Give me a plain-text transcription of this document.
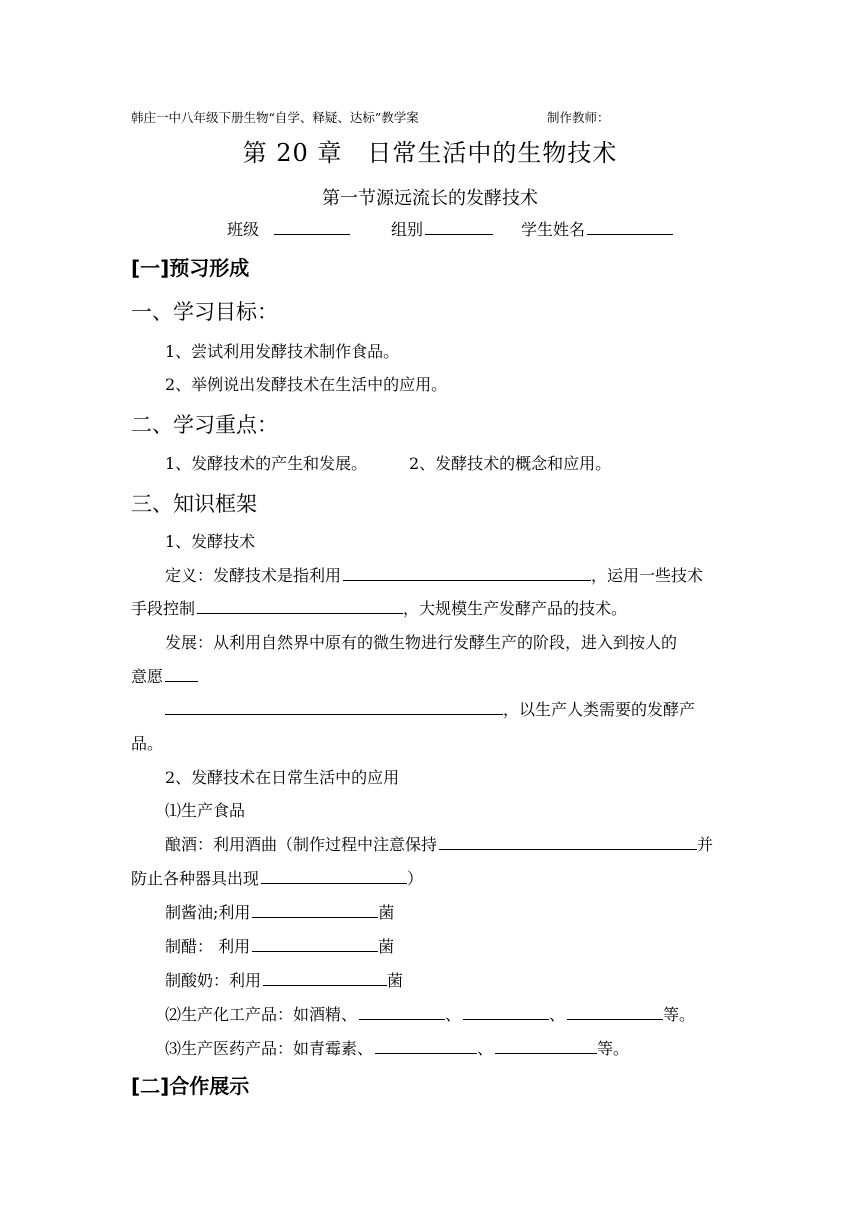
韩庄一中八年级下册生物“自学、释疑、达标”教学案	制作教师：
第 20 章　日常生活中的生物技术
第一节源远流长的发酵技术
班级	组别	学生姓名
[一]预习形成
一、学习目标：
1、尝试利用发酵技术制作食品。
2、举例说出发酵技术在生活中的应用。
二、学习重点：
1、发酵技术的产生和发展。	2、发酵技术的概念和应用。
三、知识框架
1、发酵技术
定义：发酵技术是指利用	，运用一些技术
手段控制	，大规模生产发酵产品的技术。
发展：从利用自然界中原有的微生物进行发酵生产的阶段，进入到按人的
意愿
，以生产人类需要的发酵产
品。
2、发酵技术在日常生活中的应用
⑴生产食品
酿酒：利用酒曲（制作过程中注意保持	并
防止各种器具出现	）
制酱油;利用	菌
制醋： 利用	菌
制酸奶：利用	菌
⑵生产化工产品：如酒精、	、	、	等。
⑶生产医药产品：如青霉素、	、	等。
[二]合作展示
